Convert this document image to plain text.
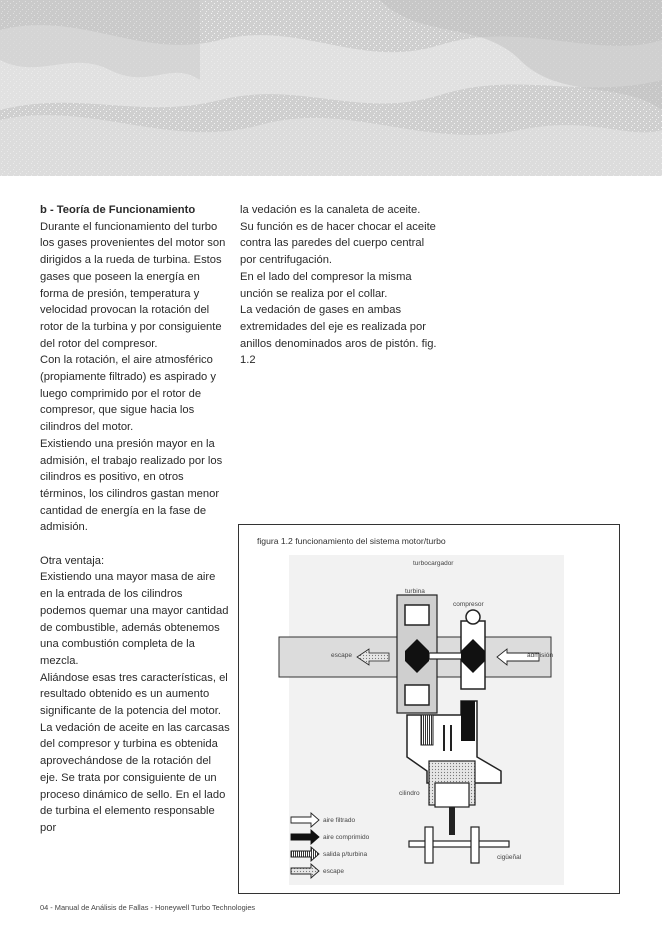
b - Teoría de Funcionamiento

Durante el funcionamiento del turbo los gases provenientes del motor son dirigidos a la rueda de turbina. Estos gases que poseen la energía en forma de presión, temperatura y velocidad provocan la rotación del rotor de la turbina y por consiguiente del rotor del compresor.

Con la rotación, el aire atmosférico (propiamente filtrado) es aspirado y luego comprimido por el rotor de compresor, que sigue hacia los cilindros del motor.

Existiendo una presión mayor en la admisión, el trabajo realizado por los cilindros es positivo, en otros términos, los cilindros gastan menor cantidad de energía en la fase de admisión.

Otra ventaja:

Existiendo una mayor masa de aire en la entrada de los cilindros podemos quemar una mayor cantidad de combustible, además obtenemos una combustión completa de la mezcla.

Aliándose esas tres características, el resultado obtenido es un aumento significante de la potencia del motor.

La vedación de aceite en las carcasas del compresor y turbina es obtenida aprovechándose de la rotación del eje. Se trata por consiguiente de un proceso dinámico de sello. En el lado de turbina el elemento responsable por

la vedación es la canaleta de aceite.

Su función es de hacer chocar el aceite contra las paredes del cuerpo central por centrifugación.

En el lado del compresor la misma unción se realiza por el collar.

La vedación de gases en ambas extremidades del eje es realizada por anillos denominados aros de pistón. fig. 1.2

figura 1.2 funcionamiento del sistema motor/turbo
turbocargador
turbina
compresor
escape	admisión
cilindro
cigüeñal
aire filtrado
aire comprimido
salida p/turbina
escape
04 - Manual de Análisis de Fallas - Honeywell Turbo Technologies
